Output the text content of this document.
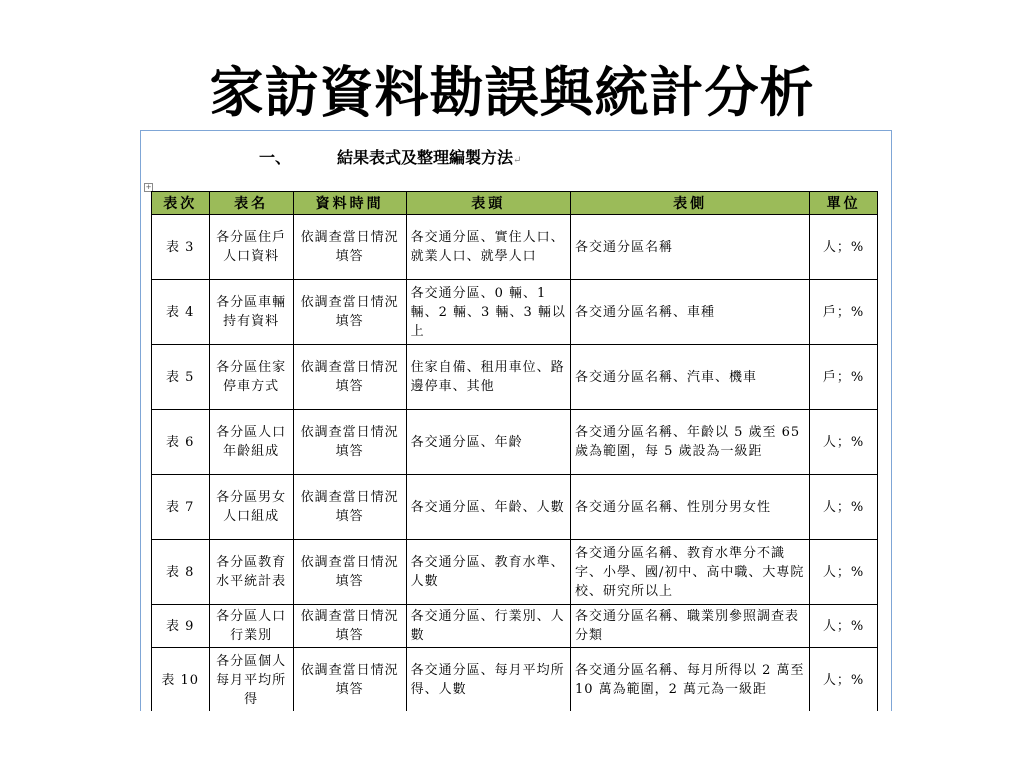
家訪資料勘誤與統計分析
一、	結果表式及整理編製方法↵
+
表次	表名	資料時間	表頭	表側	單位
表 3	各分區住戶人口資料	依調查當日情況填答	各交通分區、實住人口、就業人口、就學人口	各交通分區名稱	人；%
表 4	各分區車輛持有資料	依調查當日情況填答	各交通分區、0 輛、1 輛、2 輛、3 輛、3 輛以上	各交通分區名稱、車種	戶；%
表 5	各分區住家停車方式	依調查當日情況填答	住家自備、租用車位、路邊停車、其他	各交通分區名稱、汽車、機車	戶；%
表 6	各分區人口年齡組成	依調查當日情況填答	各交通分區、年齡	各交通分區名稱、年齡以 5 歲至 65 歲為範圍，每 5 歲設為一級距	人；%
表 7	各分區男女人口組成	依調查當日情況填答	各交通分區、年齡、人數	各交通分區名稱、性別分男女性	人；%
表 8	各分區教育水平統計表	依調查當日情況填答	各交通分區、教育水準、人數	各交通分區名稱、教育水準分不識字、小學、國/初中、高中職、大專院校、研究所以上	人；%
表 9	各分區人口行業別	依調查當日情況填答	各交通分區、行業別、人數	各交通分區名稱、職業別參照調查表分類	人；%
表 10	各分區個人每月平均所得	依調查當日情況填答	各交通分區、每月平均所得、人數	各交通分區名稱、每月所得以 2 萬至 10 萬為範圍，2 萬元為一級距	人；%
